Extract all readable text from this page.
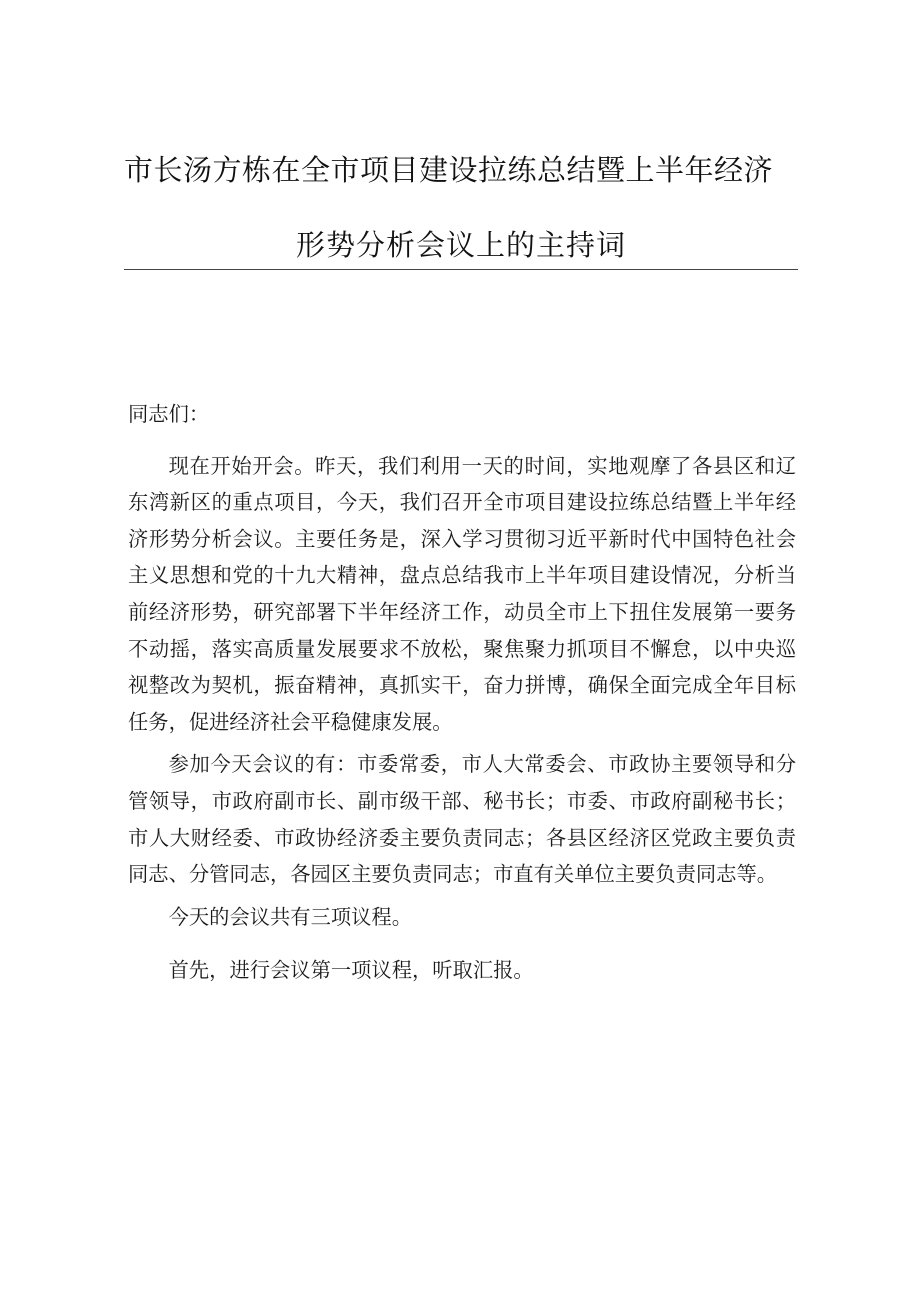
市长汤方栋在全市项目建设拉练总结暨上半年经济
形势分析会议上的主持词

同志们：

现在开始开会。昨天，我们利用一天的时间，实地观摩了各县区和辽东湾新区的重点项目，今天，我们召开全市项目建设拉练总结暨上半年经济形势分析会议。主要任务是，深入学习贯彻习近平新时代中国特色社会主义思想和党的十九大精神，盘点总结我市上半年项目建设情况，分析当前经济形势，研究部署下半年经济工作，动员全市上下扭住发展第一要务不动摇，落实高质量发展要求不放松，聚焦聚力抓项目不懈怠，以中央巡视整改为契机，振奋精神，真抓实干，奋力拼博，确保全面完成全年目标任务，促进经济社会平稳健康发展。

参加今天会议的有：市委常委，市人大常委会、市政协主要领导和分管领导，市政府副市长、副市级干部、秘书长；市委、市政府副秘书长；市人大财经委、市政协经济委主要负责同志；各县区经济区党政主要负责同志、分管同志，各园区主要负责同志；市直有关单位主要负责同志等。

今天的会议共有三项议程。

首先，进行会议第一项议程，听取汇报。
